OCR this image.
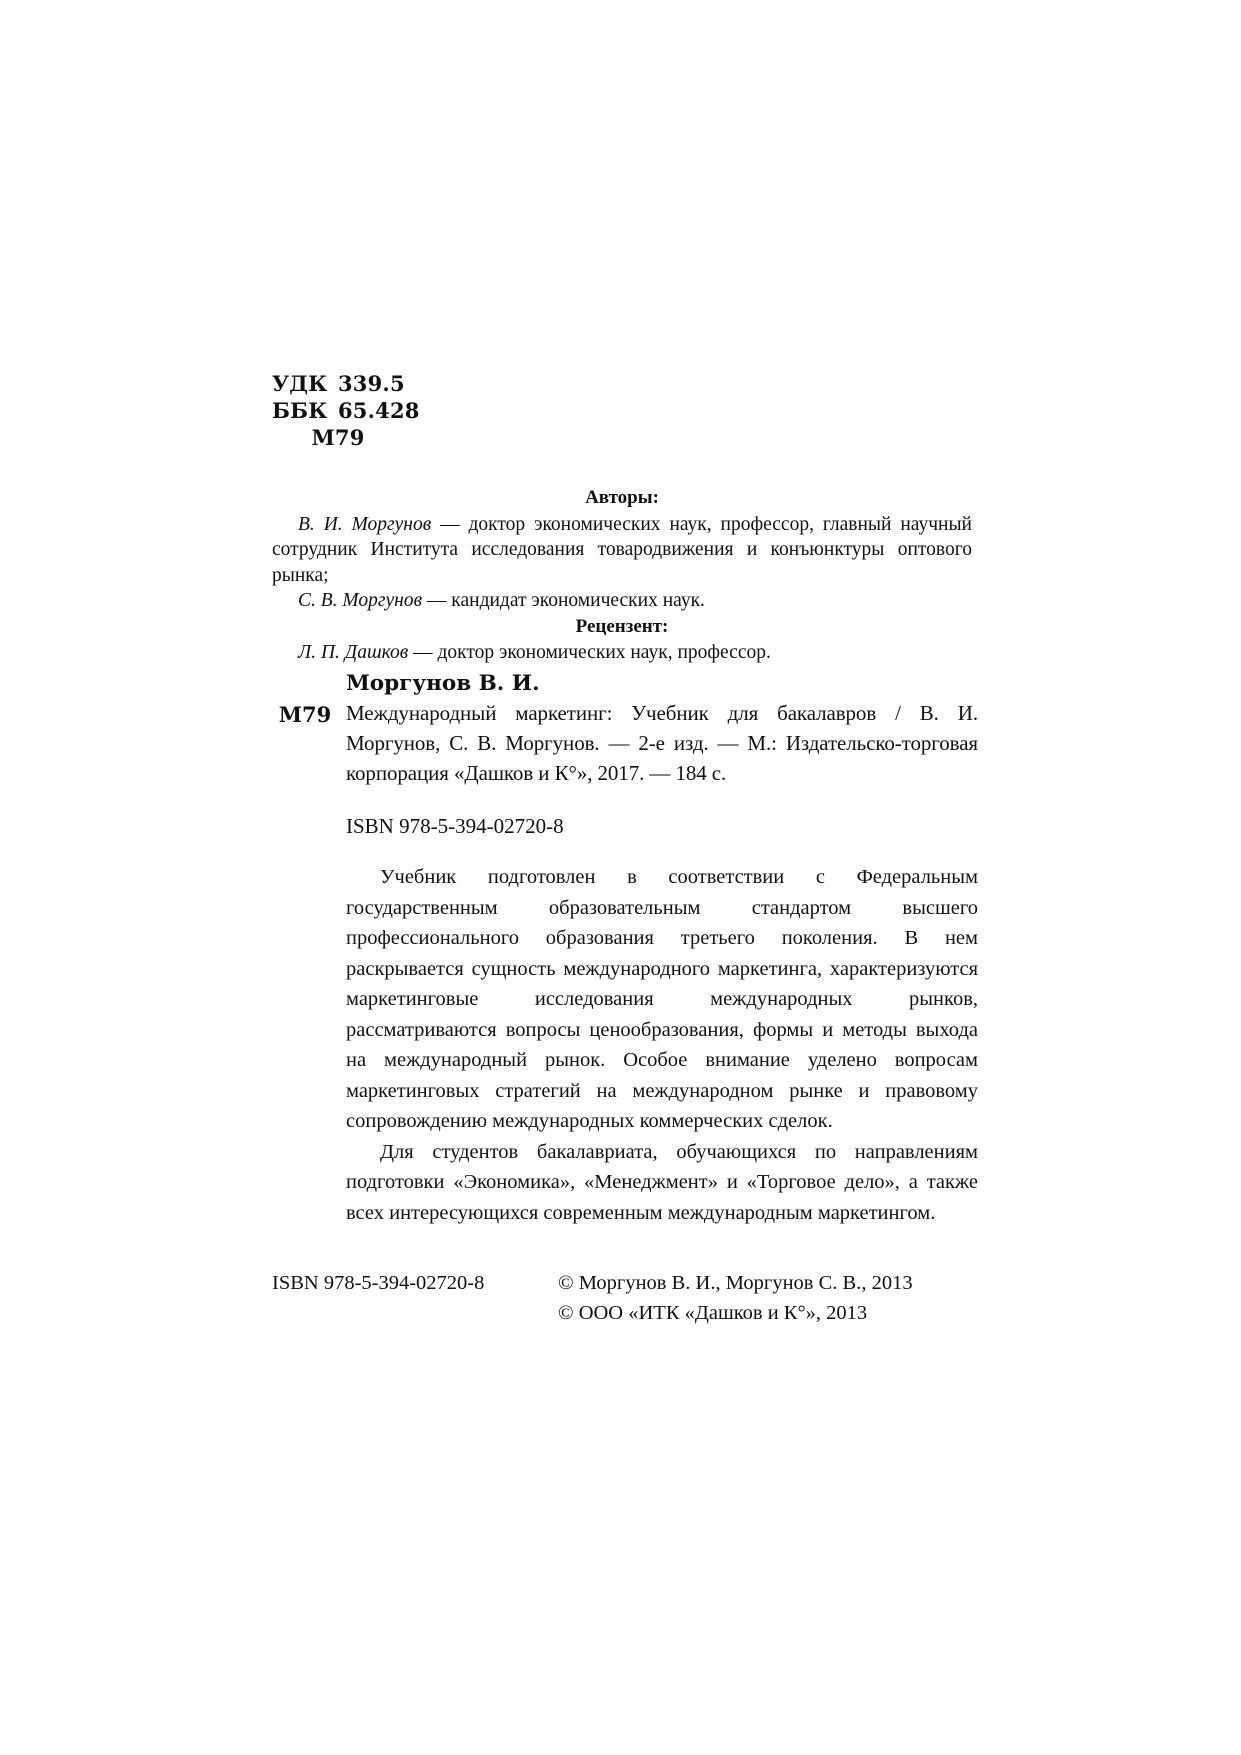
УДК 339.5
ББК 65.428
М79
Авторы:

В. И. Моргунов — доктор экономических наук, профессор, главный научный сотрудник Института исследования товародвижения и конъюнктуры оптового рынка;

С. В. Моргунов — кандидат экономических наук.

Рецензент:

Л. П. Дашков — доктор экономических наук, профессор.

М79
Моргунов В. И.
Международный маркетинг: Учебник для бакалавров / В. И. Моргунов, С. В. Моргунов. — 2-е изд. — М.: Издательско-торговая корпорация «Дашков и К°», 2017. — 184 с.
ISBN 978-5-394-02720-8

Учебник подготовлен в соответствии с Федеральным государственным образовательным стандартом высшего профессионального образования третьего поколения. В нем раскрывается сущность международного маркетинга, характеризуются маркетинговые исследования международных рынков, рассматриваются вопросы ценообразования, формы и методы выхода на международный рынок. Особое внимание уделено вопросам маркетинговых стратегий на международном рынке и правовому сопровождению международных коммерческих сделок.

Для студентов бакалавриата, обучающихся по направлениям подготовки «Экономика», «Менеджмент» и «Торговое дело», а также всех интересующихся современным международным маркетингом.

ISBN 978-5-394-02720-8	© Моргунов В. И., Моргунов С. В., 2013
© ООО «ИТК «Дашков и К°», 2013
